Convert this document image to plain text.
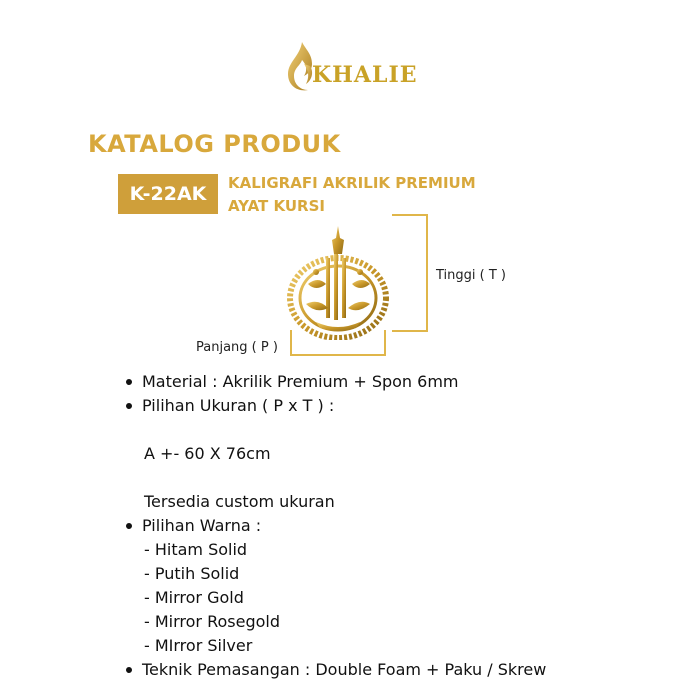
KHALIE
KATALOG PRODUK
K-22AK	KALIGRAFI AKRILIK PREMIUM
AYAT KURSI
Tinggi ( T )
Panjang ( P )
Material : Akrilik Premium + Spon 6mm
Pilihan Ukuran ( P x T ) :
A +- 60 X 76cm
Tersedia custom ukuran
Pilihan Warna :
- Hitam Solid
- Putih Solid
- Mirror Gold
- Mirror Rosegold
- MIrror Silver
Teknik Pemasangan : Double Foam + Paku / Skrew
